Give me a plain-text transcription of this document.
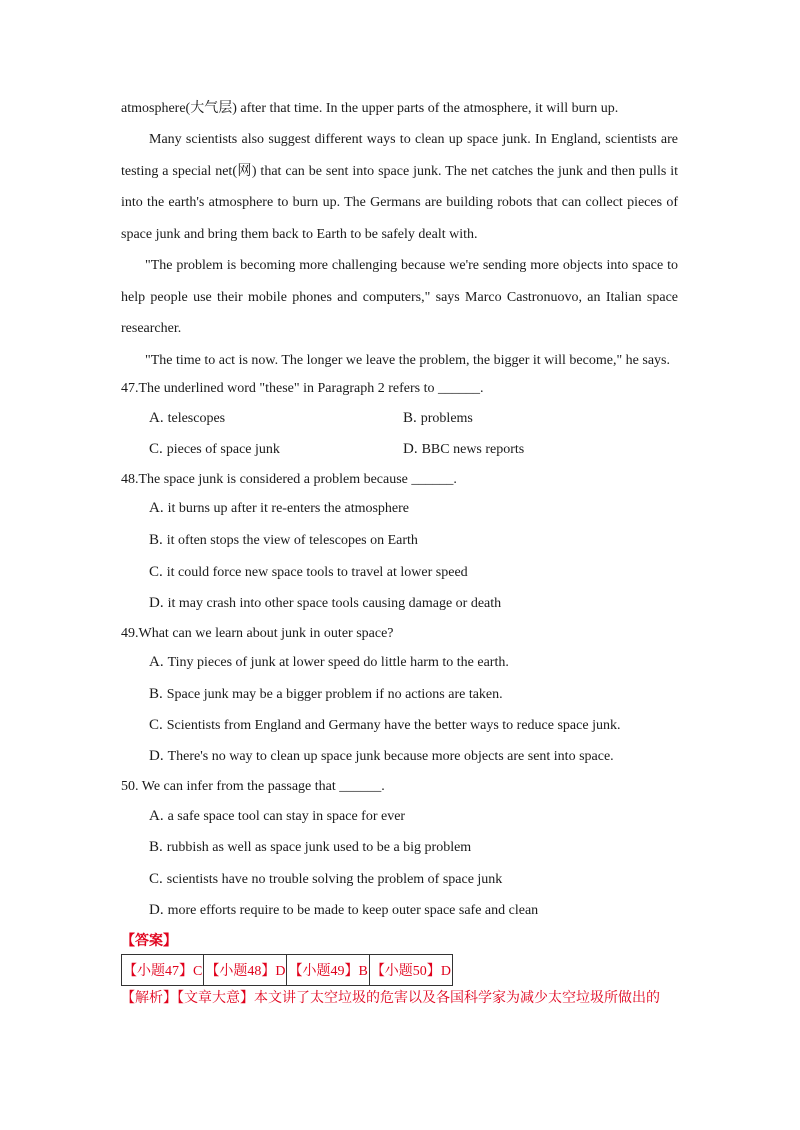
atmosphere(大气层) after that time. In the upper parts of the atmosphere, it will burn up.
Many scientists also suggest different ways to clean up space junk. In England, scientists are
testing a special net(网) that can be sent into space junk. The net catches the junk and then pulls it
into the earth's atmosphere to burn up. The Germans are building robots that can collect pieces of
space junk and bring them back to Earth to be safely dealt with.
"The problem is becoming more challenging because we're sending more objects into space to
help people use their mobile phones and computers," says Marco Castronuovo, an Italian space
researcher.
"The time to act is now. The longer we leave the problem, the bigger it will become," he says.
47.The underlined word "these" in Paragraph 2 refers to ______.
A. telescopes	B. problems
C. pieces of space junk	D. BBC news reports
48.The space junk is considered a problem because ______.
A. it burns up after it re-enters the atmosphere
B. it often stops the view of telescopes on Earth
C. it could force new space tools to travel at lower speed
D. it may crash into other space tools causing damage or death
49.What can we learn about junk in outer space?
A. Tiny pieces of junk at lower speed do little harm to the earth.
B. Space junk may be a bigger problem if no actions are taken.
C. Scientists from England and Germany have the better ways to reduce space junk.
D. There's no way to clean up space junk because more objects are sent into space.
50. We can infer from the passage that ______.
A. a safe space tool can stay in space for ever
B. rubbish as well as space junk used to be a big problem
C. scientists have no trouble solving the problem of space junk
D. more efforts require to be made to keep outer space safe and clean
【答案】
【小题47】C	【小题48】D	【小题49】B	【小题50】D
【解析】【文章大意】本文讲了太空垃圾的危害以及各国科学家为减少太空垃圾所做出的
